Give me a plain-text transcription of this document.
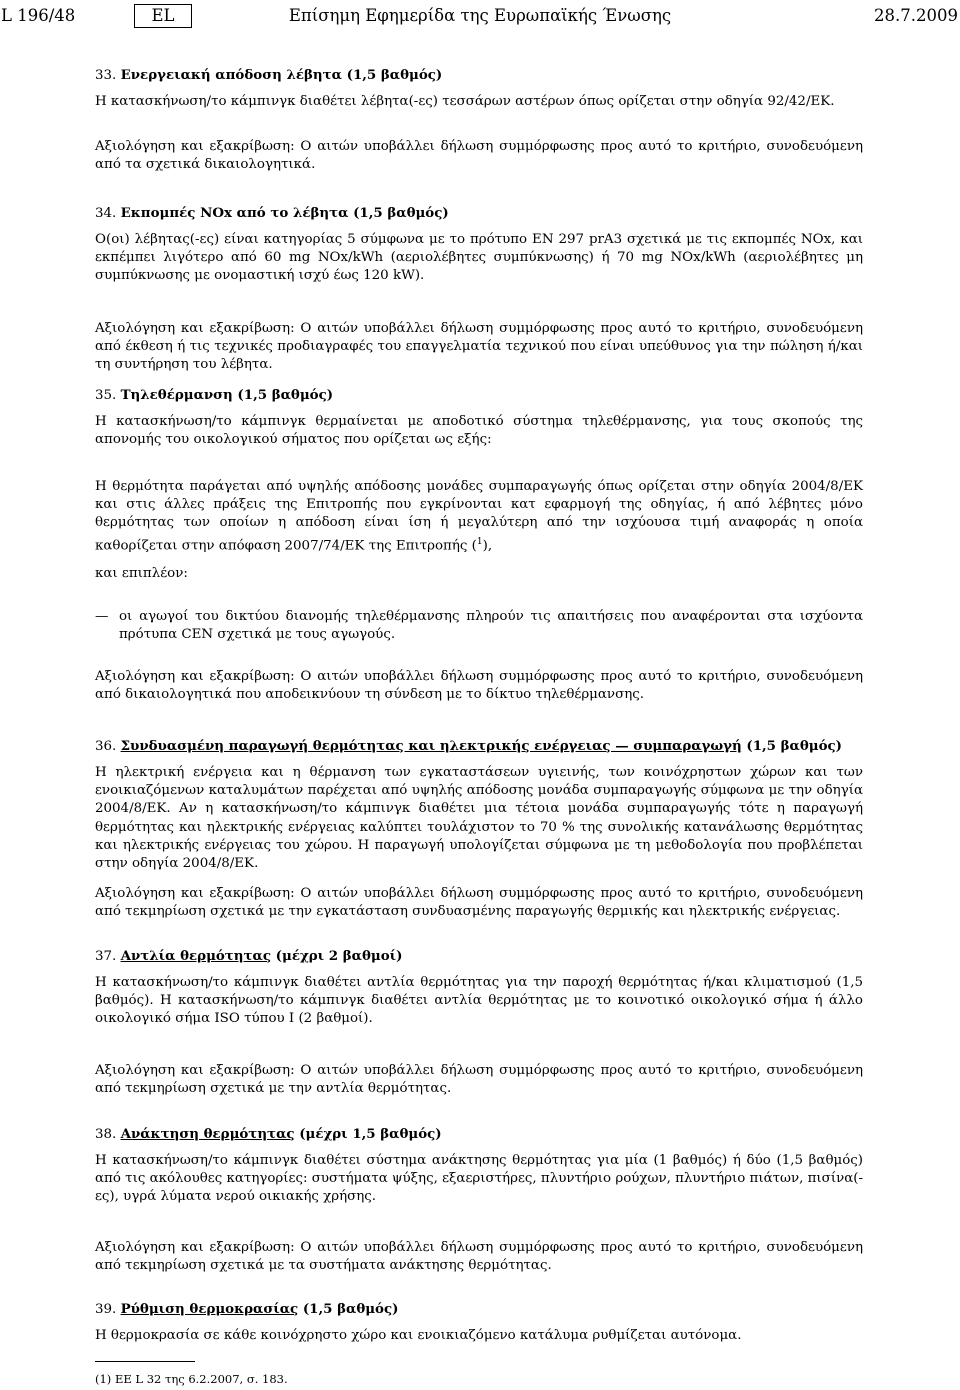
L 196/48	EL	Επίσημη Εφημερίδα της Ευρωπαϊκής Ένωσης	28.7.2009

33. Ενεργειακή απόδοση λέβητα (1,5 βαθμός)

Η κατασκήνωση/το κάμπινγκ διαθέτει λέβητα(-ες) τεσσάρων αστέρων όπως ορίζεται στην οδηγία 92/42/ΕΚ.

Αξιολόγηση και εξακρίβωση: Ο αιτών υποβάλλει δήλωση συμμόρφωσης προς αυτό το κριτήριο, συνοδευόμενη από τα σχετικά δικαιολογητικά.

34. Εκπομπές NOx από το λέβητα (1,5 βαθμός)

Ο(οι) λέβητας(-ες) είναι κατηγορίας 5 σύμφωνα με το πρότυπο EN 297 prA3 σχετικά με τις εκπομπές NOx, και εκπέμπει λιγότερο από 60 mg NOx/kWh (αεριολέβητες συμπύκνωσης) ή 70 mg NOx/kWh (αεριολέβητες μη συμπύκνωσης με ονομαστική ισχύ έως 120 kW).

Αξιολόγηση και εξακρίβωση: Ο αιτών υποβάλλει δήλωση συμμόρφωσης προς αυτό το κριτήριο, συνοδευόμενη από έκθεση ή τις τεχνικές προδιαγραφές του επαγγελματία τεχνικού που είναι υπεύθυνος για την πώληση ή/και τη συντήρηση του λέβητα.

35. Τηλεθέρμανση (1,5 βαθμός)

Η κατασκήνωση/το κάμπινγκ θερμαίνεται με αποδοτικό σύστημα τηλεθέρμανσης, για τους σκοπούς της απονομής του οικολογικού σήματος που ορίζεται ως εξής:

Η θερμότητα παράγεται από υψηλής απόδοσης μονάδες συμπαραγωγής όπως ορίζεται στην οδηγία 2004/8/ΕΚ και στις άλλες πράξεις της Επιτροπής που εγκρίνονται κατ εφαρμογή της οδηγίας, ή από λέβητες μόνο θερμότητας των οποίων η απόδοση είναι ίση ή μεγαλύτερη από την ισχύουσα τιμή αναφοράς η οποία καθορίζεται στην απόφαση 2007/74/ΕΚ της Επιτροπής ($^1$),

και επιπλέον:

— οι αγωγοί του δικτύου διανομής τηλεθέρμανσης πληρούν τις απαιτήσεις που αναφέρονται στα ισχύοντα πρότυπα CEN σχετικά με τους αγωγούς.

Αξιολόγηση και εξακρίβωση: Ο αιτών υποβάλλει δήλωση συμμόρφωσης προς αυτό το κριτήριο, συνοδευόμενη από δικαιολογητικά που αποδεικνύουν τη σύνδεση με το δίκτυο τηλεθέρμανσης.

36. Συνδυασμένη παραγωγή θερμότητας και ηλεκτρικής ενέργειας — συμπαραγωγή (1,5 βαθμός)

Η ηλεκτρική ενέργεια και η θέρμανση των εγκαταστάσεων υγιεινής, των κοινόχρηστων χώρων και των ενοικιαζόμενων καταλυμάτων παρέχεται από υψηλής απόδοσης μονάδα συμπαραγωγής σύμφωνα με την οδηγία 2004/8/ΕΚ. Αν η κατασκήνωση/το κάμπινγκ διαθέτει μια τέτοια μονάδα συμπαραγωγής τότε η παραγωγή θερμότητας και ηλεκτρικής ενέργειας καλύπτει τουλάχιστον το 70 % της συνολικής κατανάλωσης θερμότητας και ηλεκτρικής ενέργειας του χώρου. Η παραγωγή υπολογίζεται σύμφωνα με τη μεθοδολογία που προβλέπεται στην οδηγία 2004/8/ΕΚ.

Αξιολόγηση και εξακρίβωση: Ο αιτών υποβάλλει δήλωση συμμόρφωσης προς αυτό το κριτήριο, συνοδευόμενη από τεκμηρίωση σχετικά με την εγκατάσταση συνδυασμένης παραγωγής θερμικής και ηλεκτρικής ενέργειας.

37. Αντλία θερμότητας (μέχρι 2 βαθμοί)

Η κατασκήνωση/το κάμπινγκ διαθέτει αντλία θερμότητας για την παροχή θερμότητας ή/και κλιματισμού (1,5 βαθμός). Η κατασκήνωση/το κάμπινγκ διαθέτει αντλία θερμότητας με το κοινοτικό οικολογικό σήμα ή άλλο οικολογικό σήμα ISO τύπου I (2 βαθμοί).

Αξιολόγηση και εξακρίβωση: Ο αιτών υποβάλλει δήλωση συμμόρφωσης προς αυτό το κριτήριο, συνοδευόμενη από τεκμηρίωση σχετικά με την αντλία θερμότητας.

38. Ανάκτηση θερμότητας (μέχρι 1,5 βαθμός)

Η κατασκήνωση/το κάμπινγκ διαθέτει σύστημα ανάκτησης θερμότητας για μία (1 βαθμός) ή δύο (1,5 βαθμός) από τις ακόλουθες κατηγορίες: συστήματα ψύξης, εξαεριστήρες, πλυντήριο ρούχων, πλυντήριο πιάτων, πισίνα(-ες), υγρά λύματα νερού οικιακής χρήσης.

Αξιολόγηση και εξακρίβωση: Ο αιτών υποβάλλει δήλωση συμμόρφωσης προς αυτό το κριτήριο, συνοδευόμενη από τεκμηρίωση σχετικά με τα συστήματα ανάκτησης θερμότητας.

39. Ρύθμιση θερμοκρασίας (1,5 βαθμός)

Η θερμοκρασία σε κάθε κοινόχρηστο χώρο και ενοικιαζόμενο κατάλυμα ρυθμίζεται αυτόνομα.

(1) ΕΕ L 32 της 6.2.2007, σ. 183.
